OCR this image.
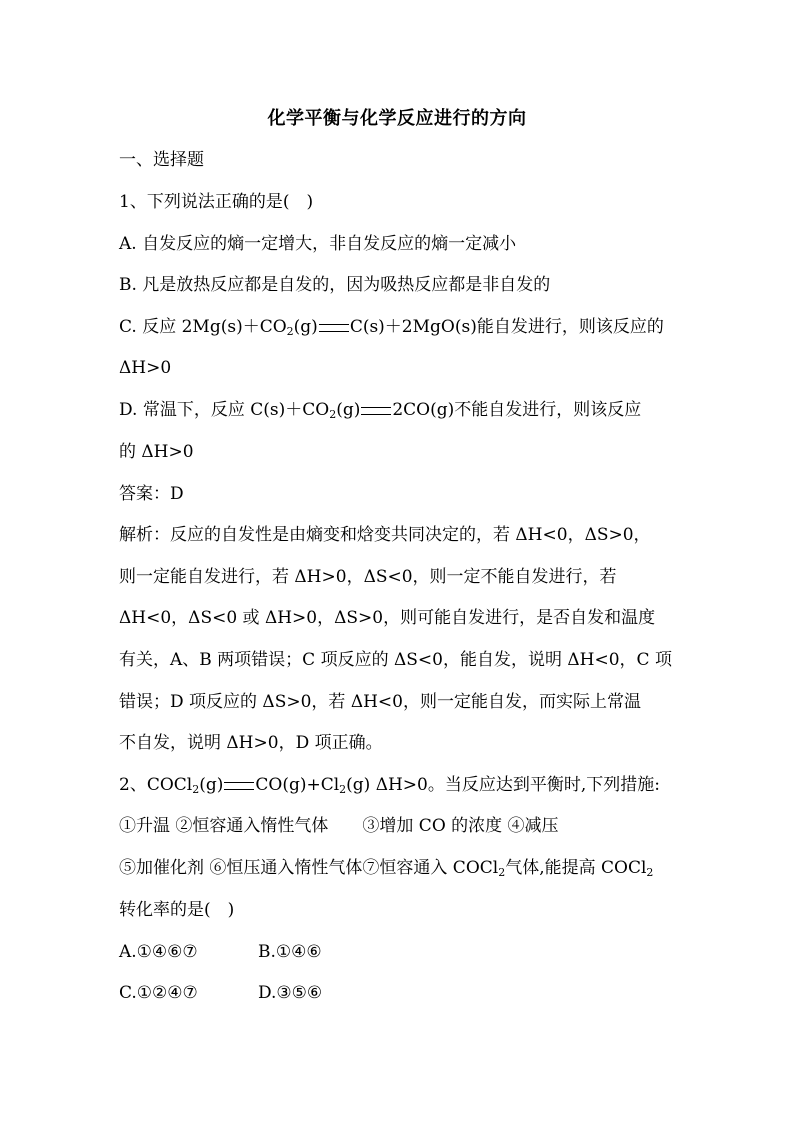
化学平衡与化学反应进行的方向
一、选择题
1、下列说法正确的是(　)
A. 自发反应的熵一定增大，非自发反应的熵一定减小
B. 凡是放热反应都是自发的，因为吸热反应都是非自发的
C. 反应 $2Mg(s)+CO_2(g)$ C(s)＋2MgO(s)能自发进行，则该反应的
ΔH>0
D. 常温下，反应 $C(s)+CO_2(g)$ 2CO(g)不能自发进行，则该反应
的 ΔH>0
答案：D
解析：反应的自发性是由熵变和焓变共同决定的，若 ΔH<0，ΔS>0，
则一定能自发进行，若 ΔH>0，ΔS<0，则一定不能自发进行，若
ΔH<0，ΔS<0 或 ΔH>0，ΔS>0，则可能自发进行，是否自发和温度
有关，A、B 两项错误；C 项反应的 ΔS<0，能自发，说明 ΔH<0，C 项
错误；D 项反应的 ΔS>0，若 ΔH<0，则一定能自发，而实际上常温
不自发，说明 ΔH>0，D 项正确。
2、COCl$_2$(g) $CO(g)+Cl_2(g)$ ΔH>0。当反应达到平衡时,下列措施:
①升温 ②恒容通入惰性气体　　③增加 CO 的浓度 ④减压
⑤加催化剂 ⑥恒压通入惰性气体⑦恒容通入 COCl$_2$气体,能提高 COCl$_2$
转化率的是(　)
A.①④⑥⑦	B.①④⑥
C.①②④⑦	D.③⑤⑥
